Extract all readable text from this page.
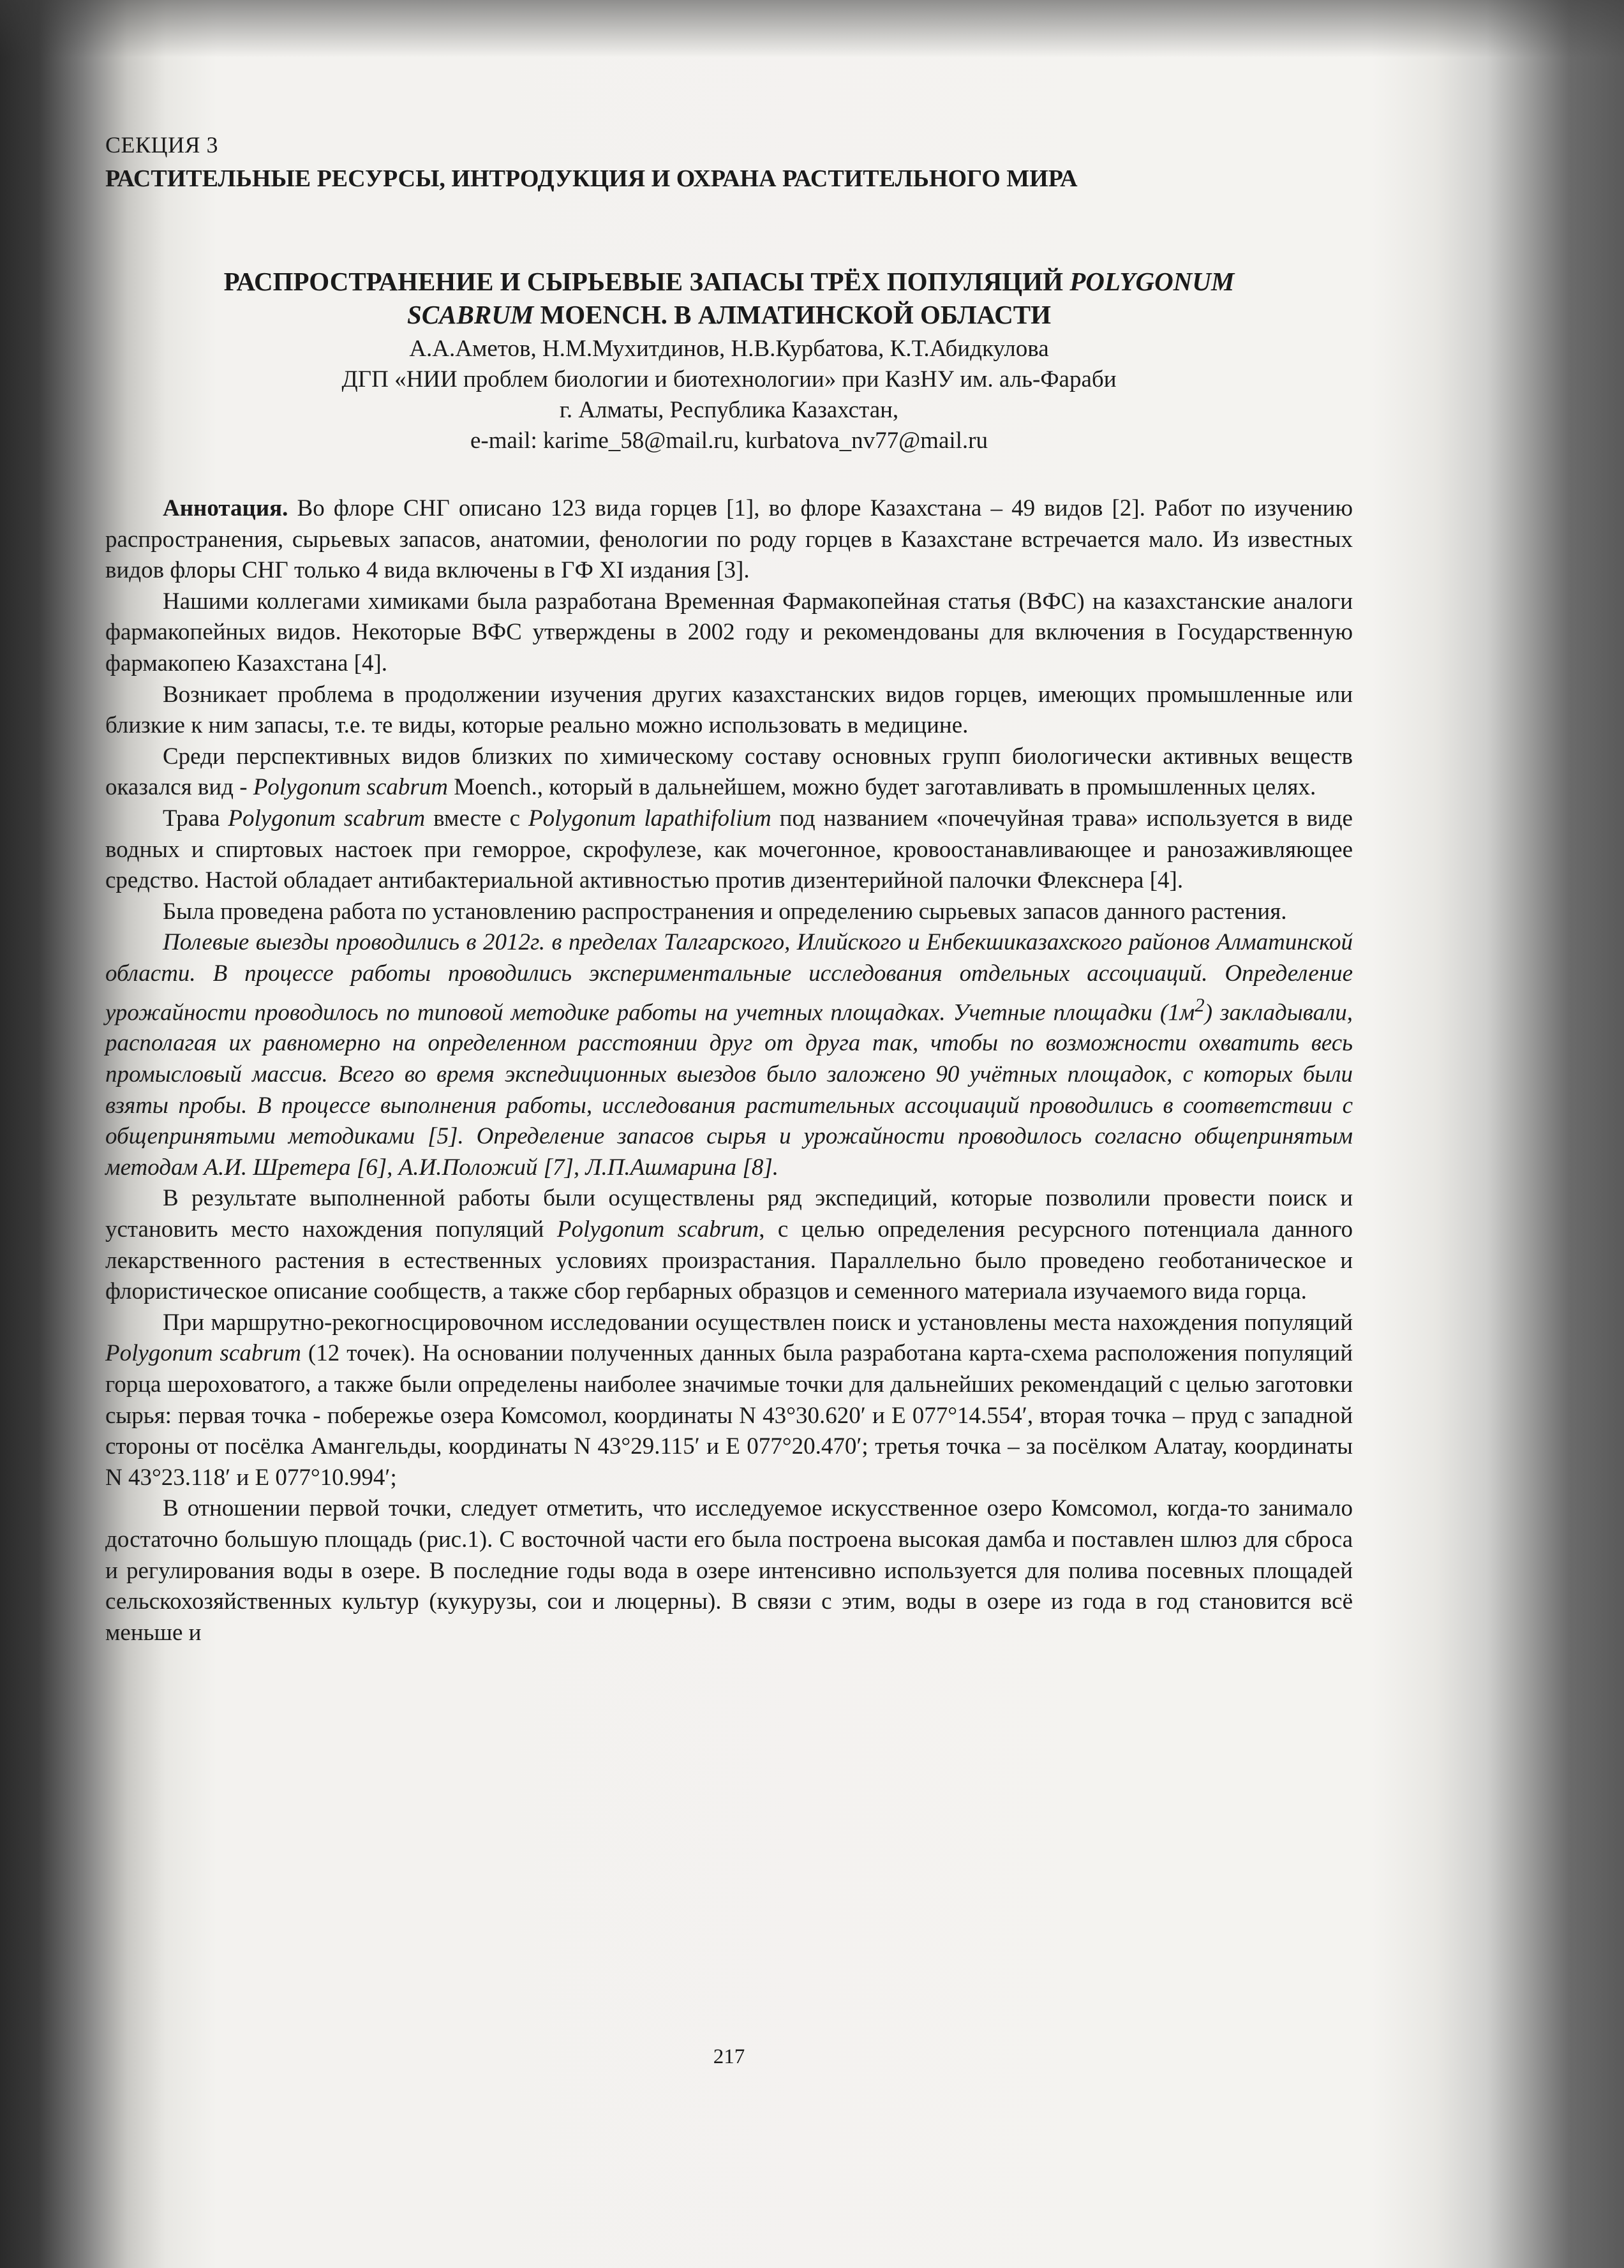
СЕКЦИЯ 3

РАСТИТЕЛЬНЫЕ РЕСУРСЫ, ИНТРОДУКЦИЯ И ОХРАНА РАСТИТЕЛЬНОГО МИРА

РАСПРОСТРАНЕНИЕ И СЫРЬЕВЫЕ ЗАПАСЫ ТРЁХ ПОПУЛЯЦИЙ POLYGONUM
SCABRUM MOENCH. В АЛМАТИНСКОЙ ОБЛАСТИ

А.А.Аметов, Н.М.Мухитдинов, Н.В.Курбатова, К.Т.Абидкулова

ДГП «НИИ проблем биологии и биотехнологии» при КазНУ им. аль-Фараби

г. Алматы, Республика Казахстан,

e-mail: karime_58@mail.ru, kurbatova_nv77@mail.ru

Аннотация. Во флоре СНГ описано 123 вида горцев [1], во флоре Казахстана – 49 видов [2]. Работ по изучению распространения, сырьевых запасов, анатомии, фенологии по роду горцев в Казахстане встречается мало. Из известных видов флоры СНГ только 4 вида включены в ГФ XI издания [3].

Нашими коллегами химиками была разработана Временная Фармакопейная статья (ВФС) на казахстанские аналоги фармакопейных видов. Некоторые ВФС утверждены в 2002 году и рекомендованы для включения в Государственную фармакопею Казахстана [4].

Возникает проблема в продолжении изучения других казахстанских видов горцев, имеющих промышленные или близкие к ним запасы, т.е. те виды, которые реально можно использовать в медицине.

Среди перспективных видов близких по химическому составу основных групп биологически активных веществ оказался вид - Polygonum scabrum Moench., который в дальнейшем, можно будет заготавливать в промышленных целях.

Трава Polygonum scabrum вместе с Polygonum lapathifolium под названием «почечуйная трава» используется в виде водных и спиртовых настоек при геморрое, скрофулезе, как мочегонное, кровоостанавливающее и ранозаживляющее средство. Настой обладает антибактериальной активностью против дизентерийной палочки Флекснера [4].

Была проведена работа по установлению распространения и определению сырьевых запасов данного растения.

Полевые выезды проводились в 2012г. в пределах Талгарского, Илийского и Енбекшиказахского районов Алматинской области. В процессе работы проводились экспериментальные исследования отдельных ассоциаций. Определение урожайности проводилось по типовой методике работы на учетных площадках. Учетные площадки $(1м^2)$ закладывали, располагая их равномерно на определенном расстоянии друг от друга так, чтобы по возможности охватить весь промысловый массив. Всего во время экспедиционных выездов было заложено 90 учётных площадок, с которых были взяты пробы. В процессе выполнения работы, исследования растительных ассоциаций проводились в соответствии с общепринятыми методиками [5]. Определение запасов сырья и урожайности проводилось согласно общепринятым методам А.И. Шретера [6], А.И.Положий [7], Л.П.Ашмарина [8].

В результате выполненной работы были осуществлены ряд экспедиций, которые позволили провести поиск и установить место нахождения популяций Polygonum scabrum, с целью определения ресурсного потенциала данного лекарственного растения в естественных условиях произрастания. Параллельно было проведено геоботаническое и флористическое описание сообществ, а также сбор гербарных образцов и семенного материала изучаемого вида горца.

При маршрутно-рекогносцировочном исследовании осуществлен поиск и установлены места нахождения популяций Polygonum scabrum (12 точек). На основании полученных данных была разработана карта-схема расположения популяций горца шероховатого, а также были определены наиболее значимые точки для дальнейших рекомендаций с целью заготовки сырья: первая точка - побережье озера Комсомол, координаты N 43°30.620′ и E 077°14.554′, вторая точка – пруд с западной стороны от посёлка Амангельды, координаты N 43°29.115′ и E 077°20.470′; третья точка – за посёлком Алатау, координаты N 43°23.118′ и E 077°10.994′;

В отношении первой точки, следует отметить, что исследуемое искусственное озеро Комсомол, когда-то занимало достаточно большую площадь (рис.1). С восточной части его была построена высокая дамба и поставлен шлюз для сброса и регулирования воды в озере. В последние годы вода в озере интенсивно используется для полива посевных площадей сельскохозяйственных культур (кукурузы, сои и люцерны). В связи с этим, воды в озере из года в год становится всё меньше и

217
